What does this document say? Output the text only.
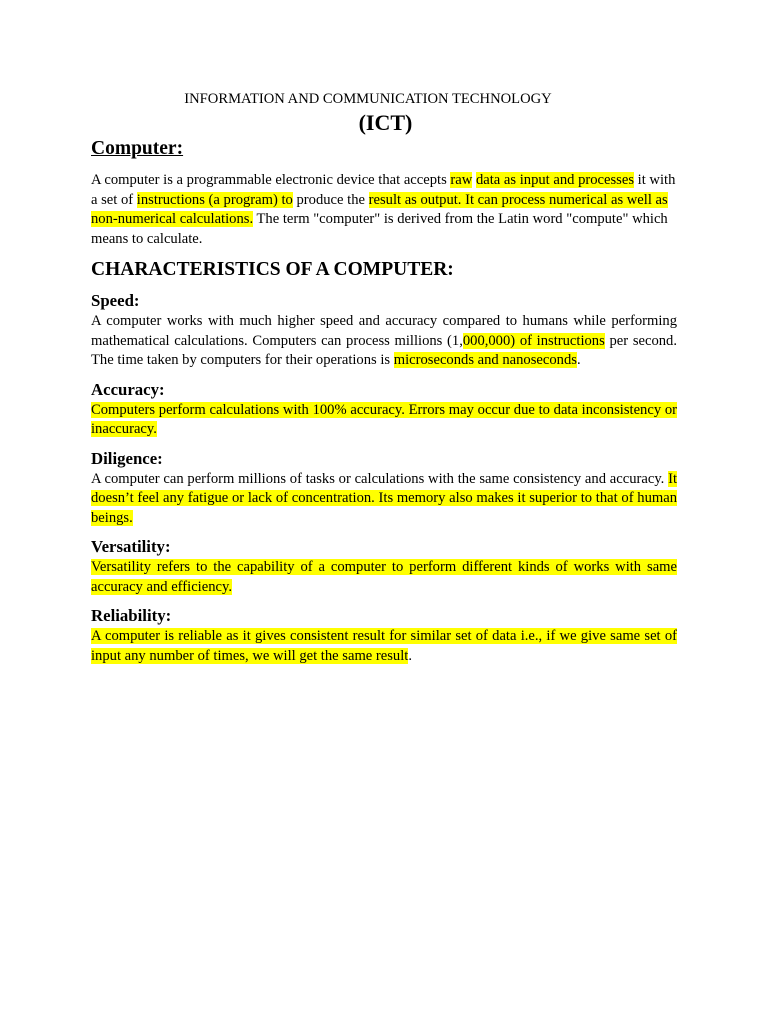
INFORMATION AND COMMUNICATION TECHNOLOGY
(ICT)
Computer:

A computer is a programmable electronic device that accepts raw data as input and processes it with a set of instructions (a program) to produce the result as output. It can process numerical as well as non-numerical calculations. The term "computer" is derived from the Latin word "compute" which means to calculate.

CHARACTERISTICS OF A COMPUTER:
Speed:

A computer works with much higher speed and accuracy compared to humans while performing mathematical calculations. Computers can process millions (1,000,000) of instructions per second. The time taken by computers for their operations is microseconds and nanoseconds.

Accuracy:

Computers perform calculations with 100% accuracy. Errors may occur due to data inconsistency or inaccuracy.

Diligence:

A computer can perform millions of tasks or calculations with the same consistency and accuracy. It doesn’t feel any fatigue or lack of concentration. Its memory also makes it superior to that of human beings.

Versatility:

Versatility refers to the capability of a computer to perform different kinds of works with same accuracy and efficiency.

Reliability:

A computer is reliable as it gives consistent result for similar set of data i.e., if we give same set of input any number of times, we will get the same result.
